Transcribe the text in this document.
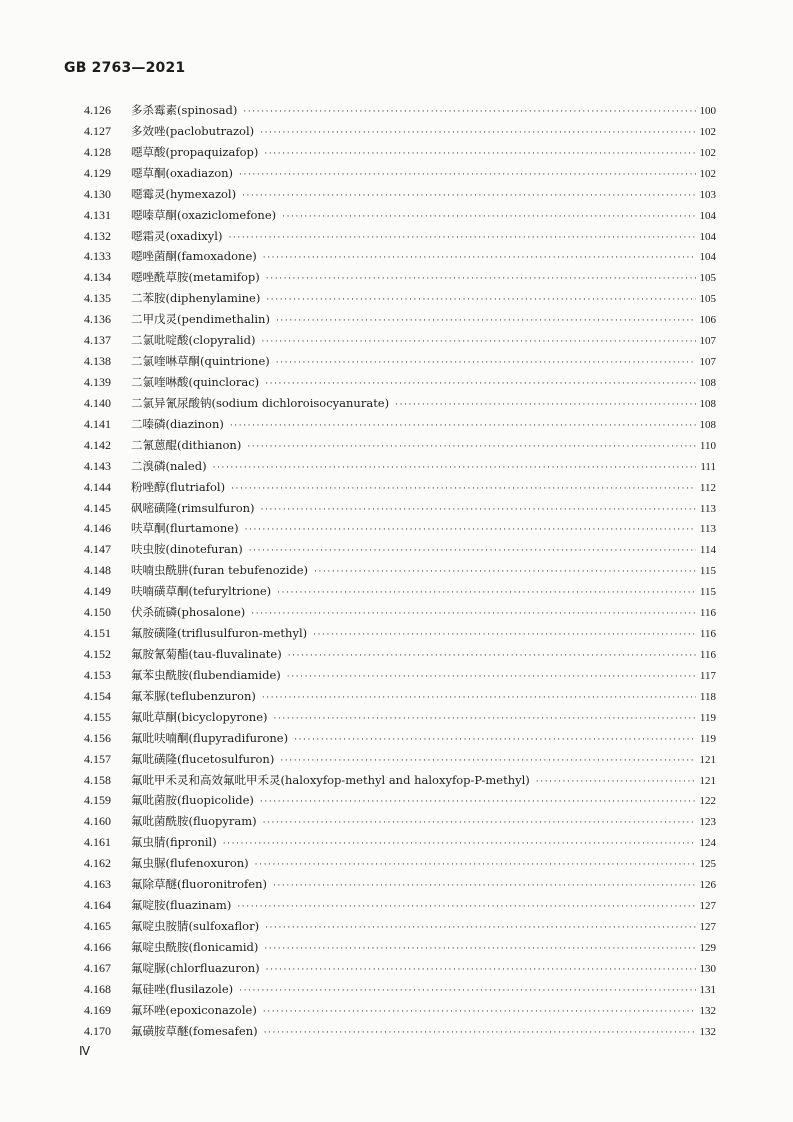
GB 2763—2021
4.126	多杀霉素(spinosad) ·····	100
4.127	多效唑(paclobutrazol) ·····	102
4.128	噁草酸(propaquizafop) ·····	102
4.129	噁草酮(oxadiazon) ·····	102
4.130	噁霉灵(hymexazol) ·····	103
4.131	噁嗪草酮(oxaziclomefone) ·····	104
4.132	噁霜灵(oxadixyl) ·····	104
4.133	噁唑菌酮(famoxadone) ·····	104
4.134	噁唑酰草胺(metamifop) ·····	105
4.135	二苯胺(diphenylamine) ·····	105
4.136	二甲戊灵(pendimethalin) ·····	106
4.137	二氯吡啶酸(clopyralid) ·····	107
4.138	二氯喹啉草酮(quintrione) ·····	107
4.139	二氯喹啉酸(quinclorac) ·····	108
4.140	二氯异氰尿酸钠(sodium dichloroisocyanurate) ·····	108
4.141	二嗪磷(diazinon) ·····	108
4.142	二氰蒽醌(dithianon) ·····	110
4.143	二溴磷(naled) ·····	111
4.144	粉唑醇(flutriafol) ·····	112
4.145	砜嘧磺隆(rimsulfuron) ·····	113
4.146	呋草酮(flurtamone) ·····	113
4.147	呋虫胺(dinotefuran) ·····	114
4.148	呋喃虫酰肼(furan tebufenozide) ·····	115
4.149	呋喃磺草酮(tefuryltrione) ·····	115
4.150	伏杀硫磷(phosalone) ·····	116
4.151	氟胺磺隆(triflusulfuron-methyl) ·····	116
4.152	氟胺氰菊酯(tau-fluvalinate) ·····	116
4.153	氟苯虫酰胺(flubendiamide) ·····	117
4.154	氟苯脲(teflubenzuron) ·····	118
4.155	氟吡草酮(bicyclopyrone) ·····	119
4.156	氟吡呋喃酮(flupyradifurone) ·····	119
4.157	氟吡磺隆(flucetosulfuron) ·····	121
4.158	氟吡甲禾灵和高效氟吡甲禾灵(haloxyfop-methyl and haloxyfop-P-methyl) ·····	121
4.159	氟吡菌胺(fluopicolide) ·····	122
4.160	氟吡菌酰胺(fluopyram) ·····	123
4.161	氟虫腈(fipronil) ·····	124
4.162	氟虫脲(flufenoxuron) ·····	125
4.163	氟除草醚(fluoronitrofen) ·····	126
4.164	氟啶胺(fluazinam) ·····	127
4.165	氟啶虫胺腈(sulfoxaflor) ·····	127
4.166	氟啶虫酰胺(flonicamid) ·····	129
4.167	氟啶脲(chlorfluazuron) ·····	130
4.168	氟硅唑(flusilazole) ·····	131
4.169	氟环唑(epoxiconazole) ·····	132
4.170	氟磺胺草醚(fomesafen) ·····	132
Ⅳ
